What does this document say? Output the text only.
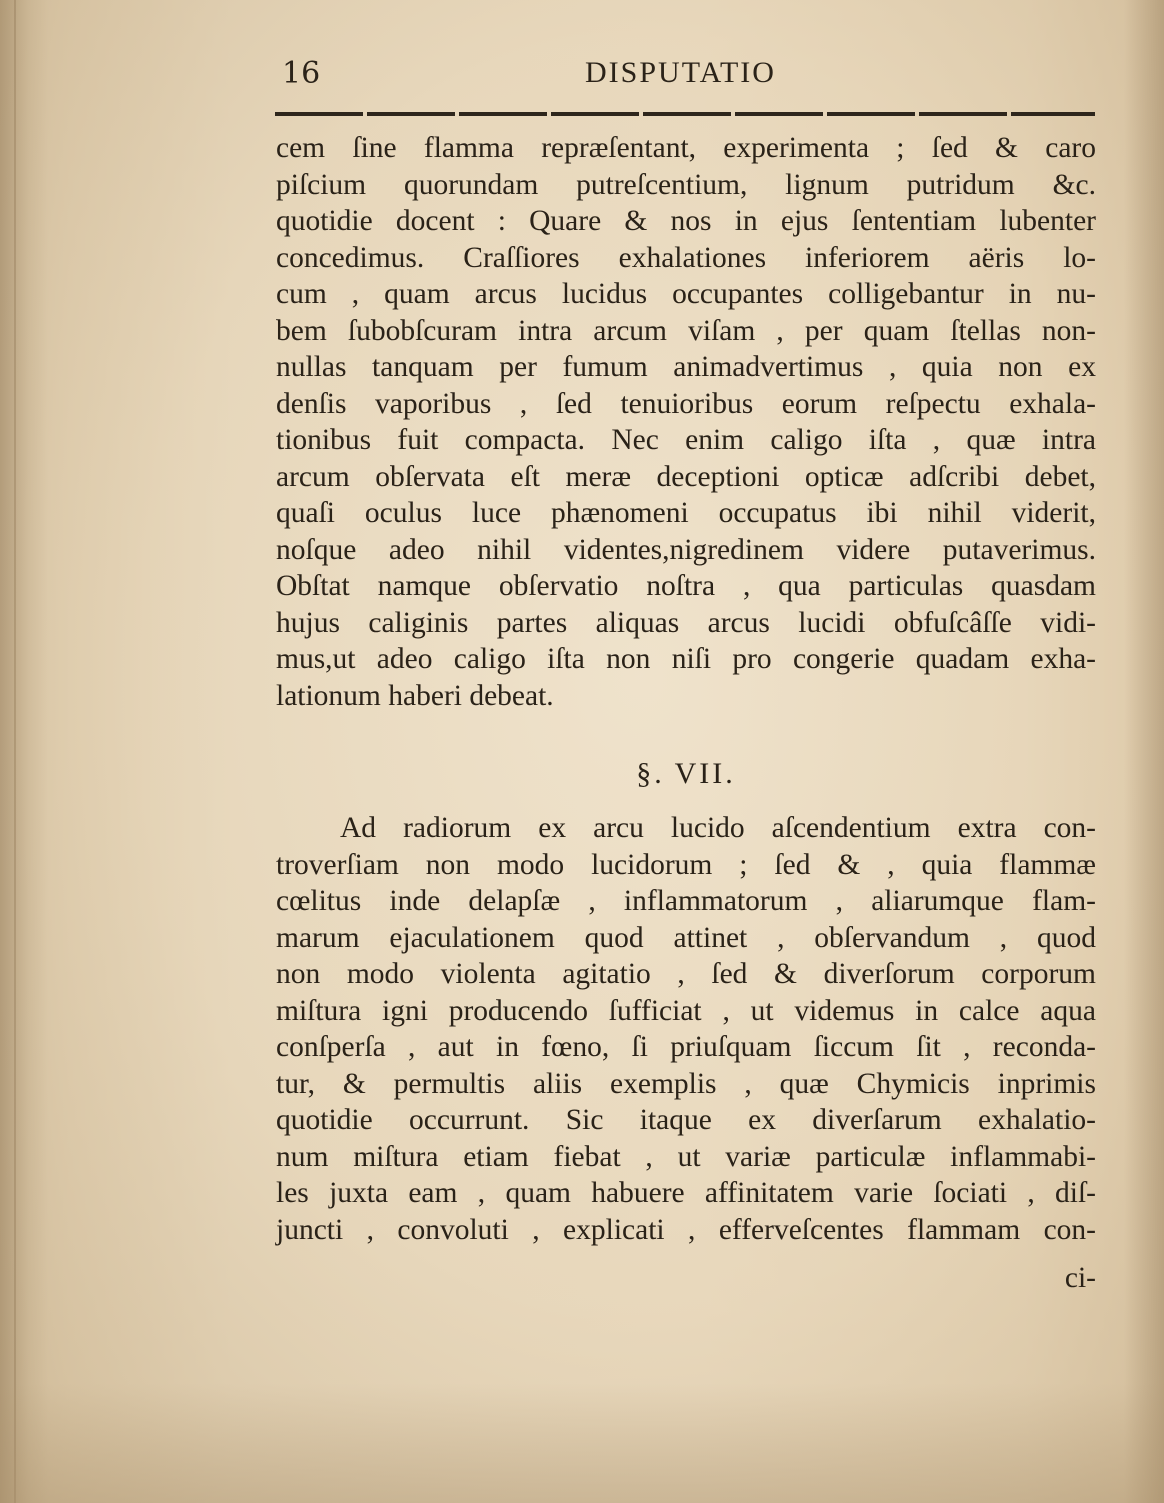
16	DISPUTATIO
cem ſine flamma repræſentant, experimenta ; ſed & caro
piſcium quorundam putreſcentium, lignum putridum &c.
quotidie docent : Quare & nos in ejus ſententiam lubenter
concedimus. Craſſiores exhalationes inferiorem aëris lo-
cum , quam arcus lucidus occupantes colligebantur in nu-
bem ſubobſcuram intra arcum viſam , per quam ſtellas non-
nullas tanquam per fumum animadvertimus , quia non ex
denſis vaporibus , ſed tenuioribus eorum reſpectu exhala-
tionibus fuit compacta. Nec enim caligo iſta , quæ intra
arcum obſervata eſt meræ deceptioni opticæ adſcribi debet,
quaſi oculus luce phænomeni occupatus ibi nihil viderit,
noſque adeo nihil videntes,nigredinem videre putaverimus.
Obſtat namque obſervatio noſtra , qua particulas quasdam
hujus caliginis partes aliquas arcus lucidi obfuſcâſſe vidi-
mus,ut adeo caligo iſta non niſi pro congerie quadam exha-
lationum haberi debeat.
§. VII.
Ad radiorum ex arcu lucido aſcendentium extra con-
troverſiam non modo lucidorum ; ſed & , quia flammæ
cœlitus inde delapſæ , inflammatorum , aliarumque flam-
marum ejaculationem quod attinet , obſervandum , quod
non modo violenta agitatio , ſed & diverſorum corporum
miſtura igni producendo ſufficiat , ut videmus in calce aqua
conſperſa , aut in fœno, ſi priuſquam ſiccum ſit , reconda-
tur, & permultis aliis exemplis , quæ Chymicis inprimis
quotidie occurrunt. Sic itaque ex diverſarum exhalatio-
num miſtura etiam fiebat , ut variæ particulæ inflammabi-
les juxta eam , quam habuere affinitatem varie ſociati , diſ-
juncti , convoluti , explicati , efferveſcentes flammam con-
ci-
